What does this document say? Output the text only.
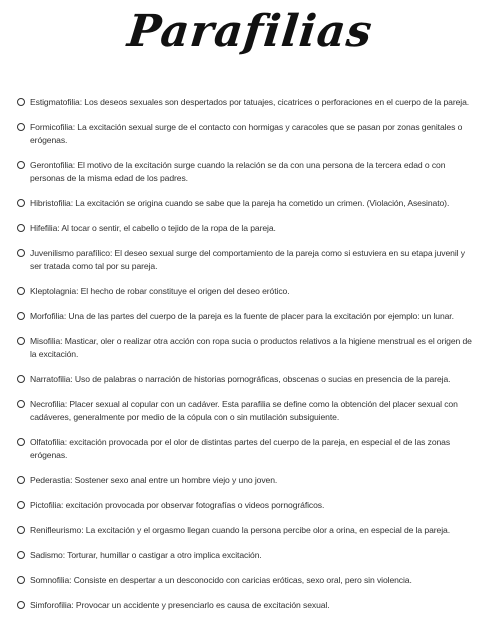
Parafilias
Estigmatofilia: Los deseos sexuales son despertados por tatuajes, cicatrices o perforaciones en el cuerpo de la pareja.
Formicofilia: La excitación sexual surge de el contacto con hormigas y caracoles que se pasan por zonas genitales o erógenas.
Gerontofilia: El motivo de la excitación surge cuando la relación se da con una persona de la tercera edad o con personas de la misma edad de los padres.
Hibristofilia: La excitación se origina cuando se sabe que la pareja ha cometido un crimen. (Violación, Asesinato).
Hifefilia: Al tocar o sentir, el cabello o tejido de la ropa de la pareja.
Juvenilismo parafílico: El deseo sexual surge del comportamiento de la pareja como si estuviera en su etapa juvenil y ser tratada como tal por su pareja.
Kleptolagnia: El hecho de robar constituye el origen del deseo erótico.
Morfofilia: Una de las partes del cuerpo de la pareja es la fuente de placer para la excitación por ejemplo: un lunar.
Misofilia: Masticar, oler o realizar otra acción con ropa sucia o productos relativos a la higiene menstrual es el origen de la excitación.
Narratofilia: Uso de palabras o narración de historias pornográficas, obscenas o sucias en presencia de la pareja.
Necrofilia: Placer sexual al copular con un cadáver. Esta parafilia se define como la obtención del placer sexual con cadáveres, generalmente por medio de la cópula con o sin mutilación subsiguiente.
Olfatofilia: excitación provocada por el olor de distintas partes del cuerpo de la pareja, en especial el de las zonas erógenas.
Pederastia: Sostener sexo anal entre un hombre viejo y uno joven.
Pictofilia: excitación provocada por observar fotografías o videos pornográficos.
Renifleurismo: La excitación y el orgasmo llegan cuando la persona percibe olor a orina, en especial de la pareja.
Sadismo: Torturar, humillar o castigar a otro implica excitación.
Somnofilia: Consiste en despertar a un desconocido con caricias eróticas, sexo oral, pero sin violencia.
Simforofilia: Provocar un accidente y presenciarlo es causa de excitación sexual.
